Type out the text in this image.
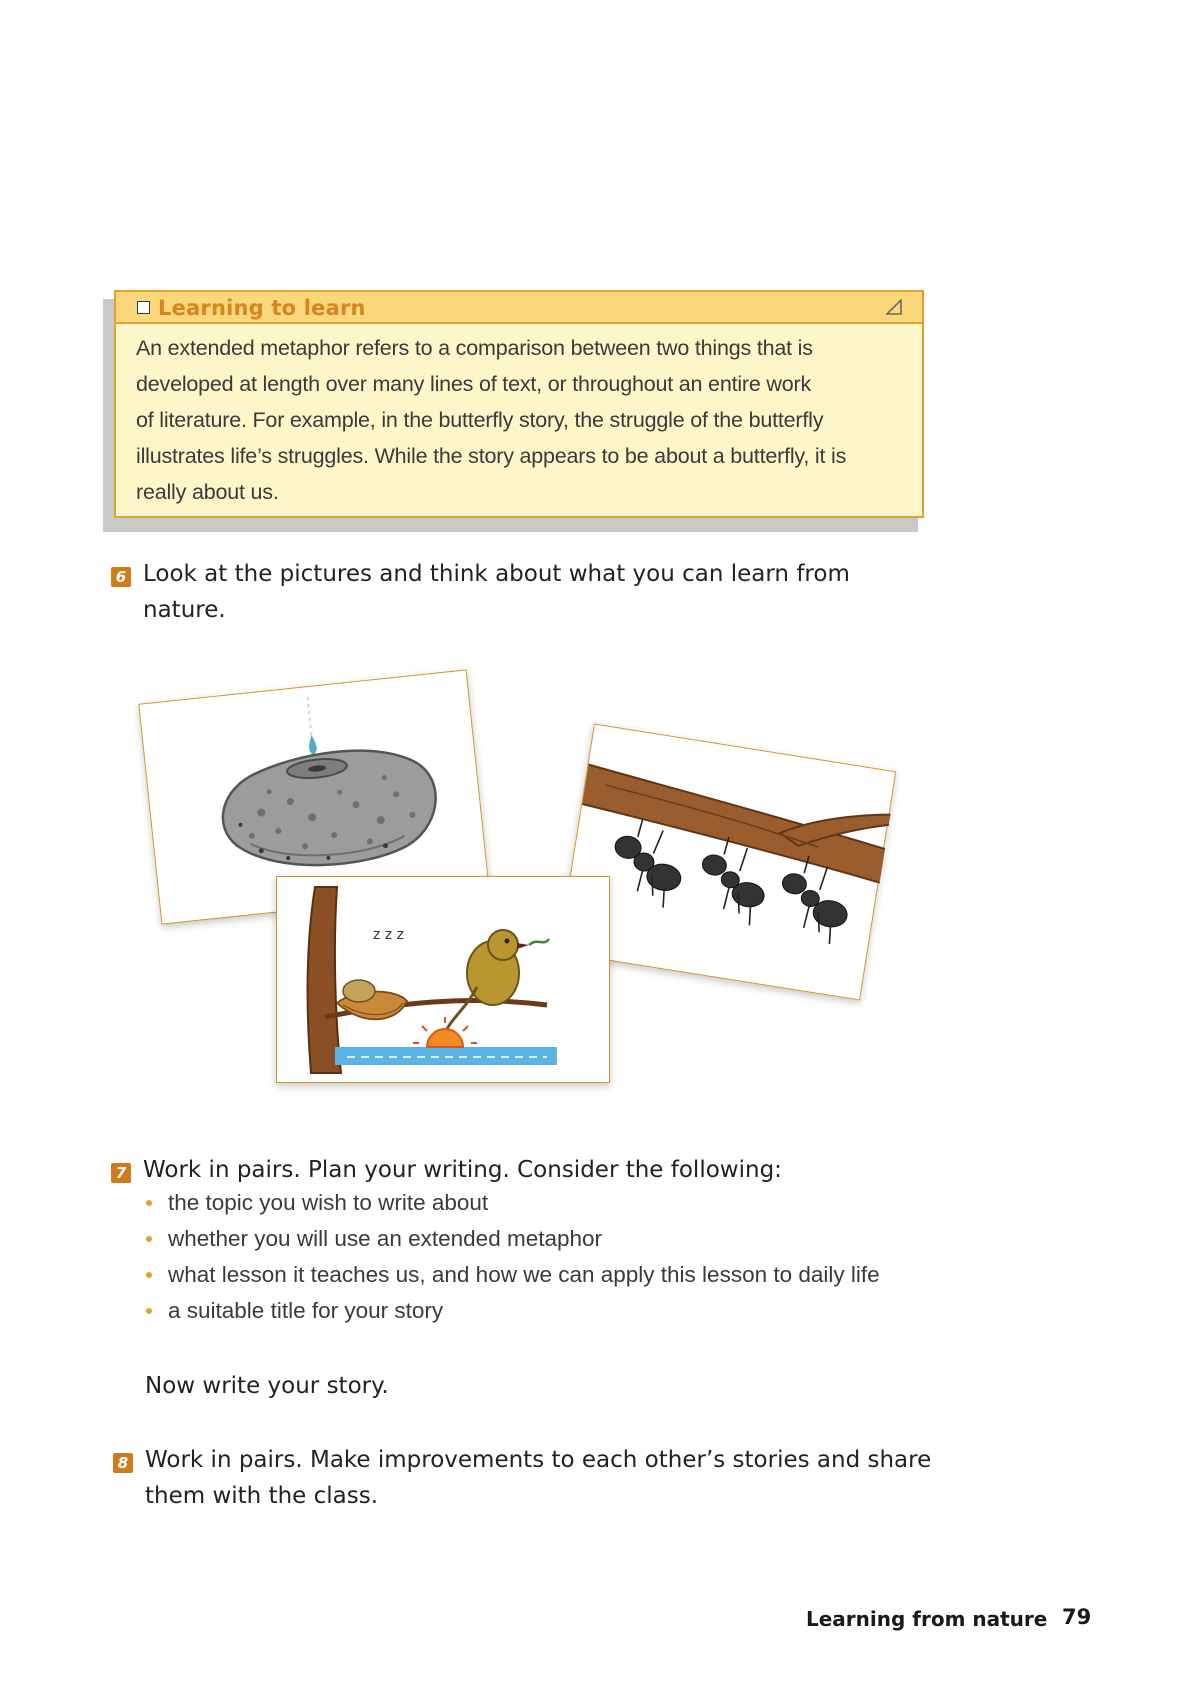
Learning to learn
An extended metaphor refers to a comparison between two things that is
developed at length over many lines of text, or throughout an entire work
of literature. For example, in the butterfly story, the struggle of the butterfly
illustrates life’s struggles. While the story appears to be about a butterfly, it is
really about us.
6 Look at the pictures and think about what you can learn from
nature.
z z z
7 Work in pairs. Plan your writing. Consider the following:
the topic you wish to write about
whether you will use an extended metaphor
what lesson it teaches us, and how we can apply this lesson to daily life
a suitable title for your story
Now write your story.
8 Work in pairs. Make improvements to each other’s stories and share
them with the class.
Learning from nature 79
